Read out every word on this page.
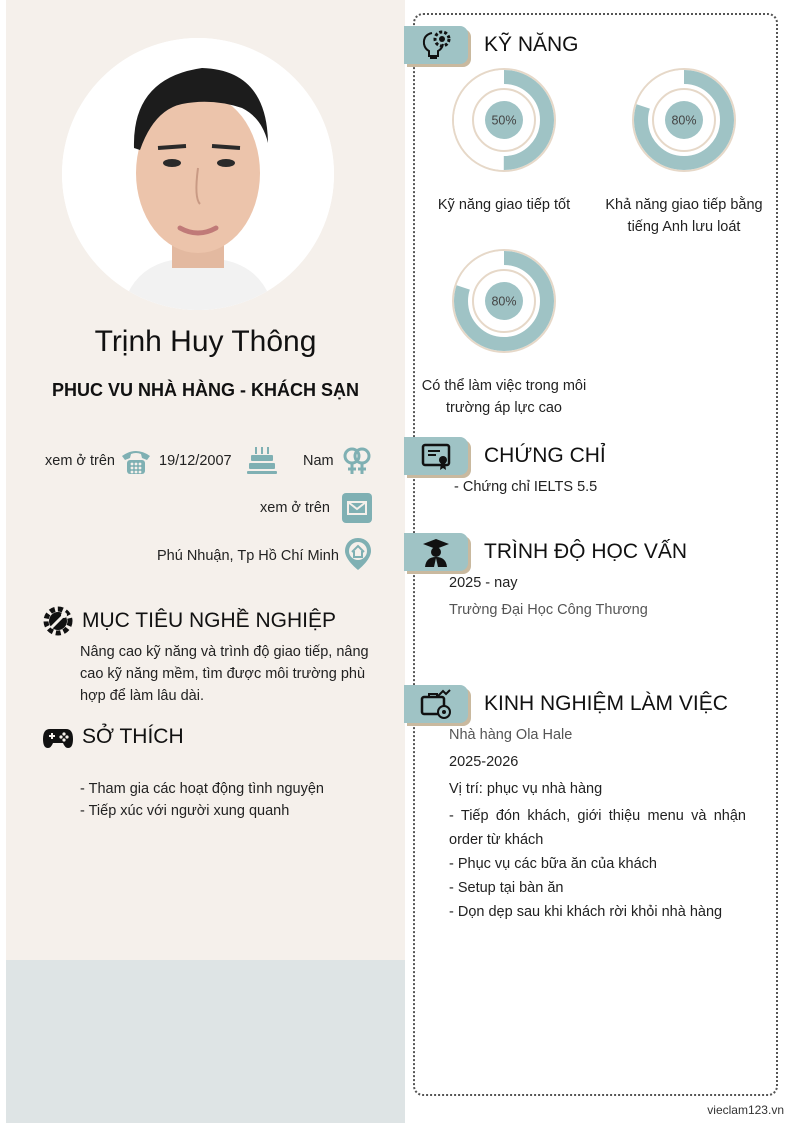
Trịnh Huy Thông
PHUC VU NHÀ HÀNG - KHÁCH SẠN
xem ở trên	19/12/2007	Nam
xem ở trên
Phú Nhuận, Tp Hồ Chí Minh
MỤC TIÊU NGHỀ NGHIỆP
Nâng cao kỹ năng và trình độ giao tiếp, nâng cao kỹ năng mềm, tìm được môi trường phù hợp để làm lâu dài.
SỞ THÍCH
- Tham gia các hoạt động tình nguyện
- Tiếp xúc với người xung quanh
KỸ NĂNG
50%
Kỹ năng giao tiếp tốt
80%
Khả năng giao tiếp bằng tiếng Anh lưu loát
80%
Có thể làm việc trong môi trường áp lực cao
CHỨNG CHỈ
- Chứng chỉ IELTS 5.5
TRÌNH ĐỘ HỌC VẤN
2025 - nay
Trường Đại Học Công Thương
KINH NGHIỆM LÀM VIỆC
Nhà hàng Ola Hale
2025-2026
Vị trí: phục vụ nhà hàng
- Tiếp đón khách, giới thiệu menu và nhận order từ khách
- Phục vụ các bữa ăn của khách
- Setup tại bàn ăn
- Dọn dẹp sau khi khách rời khỏi nhà hàng
vieclam123.vn
